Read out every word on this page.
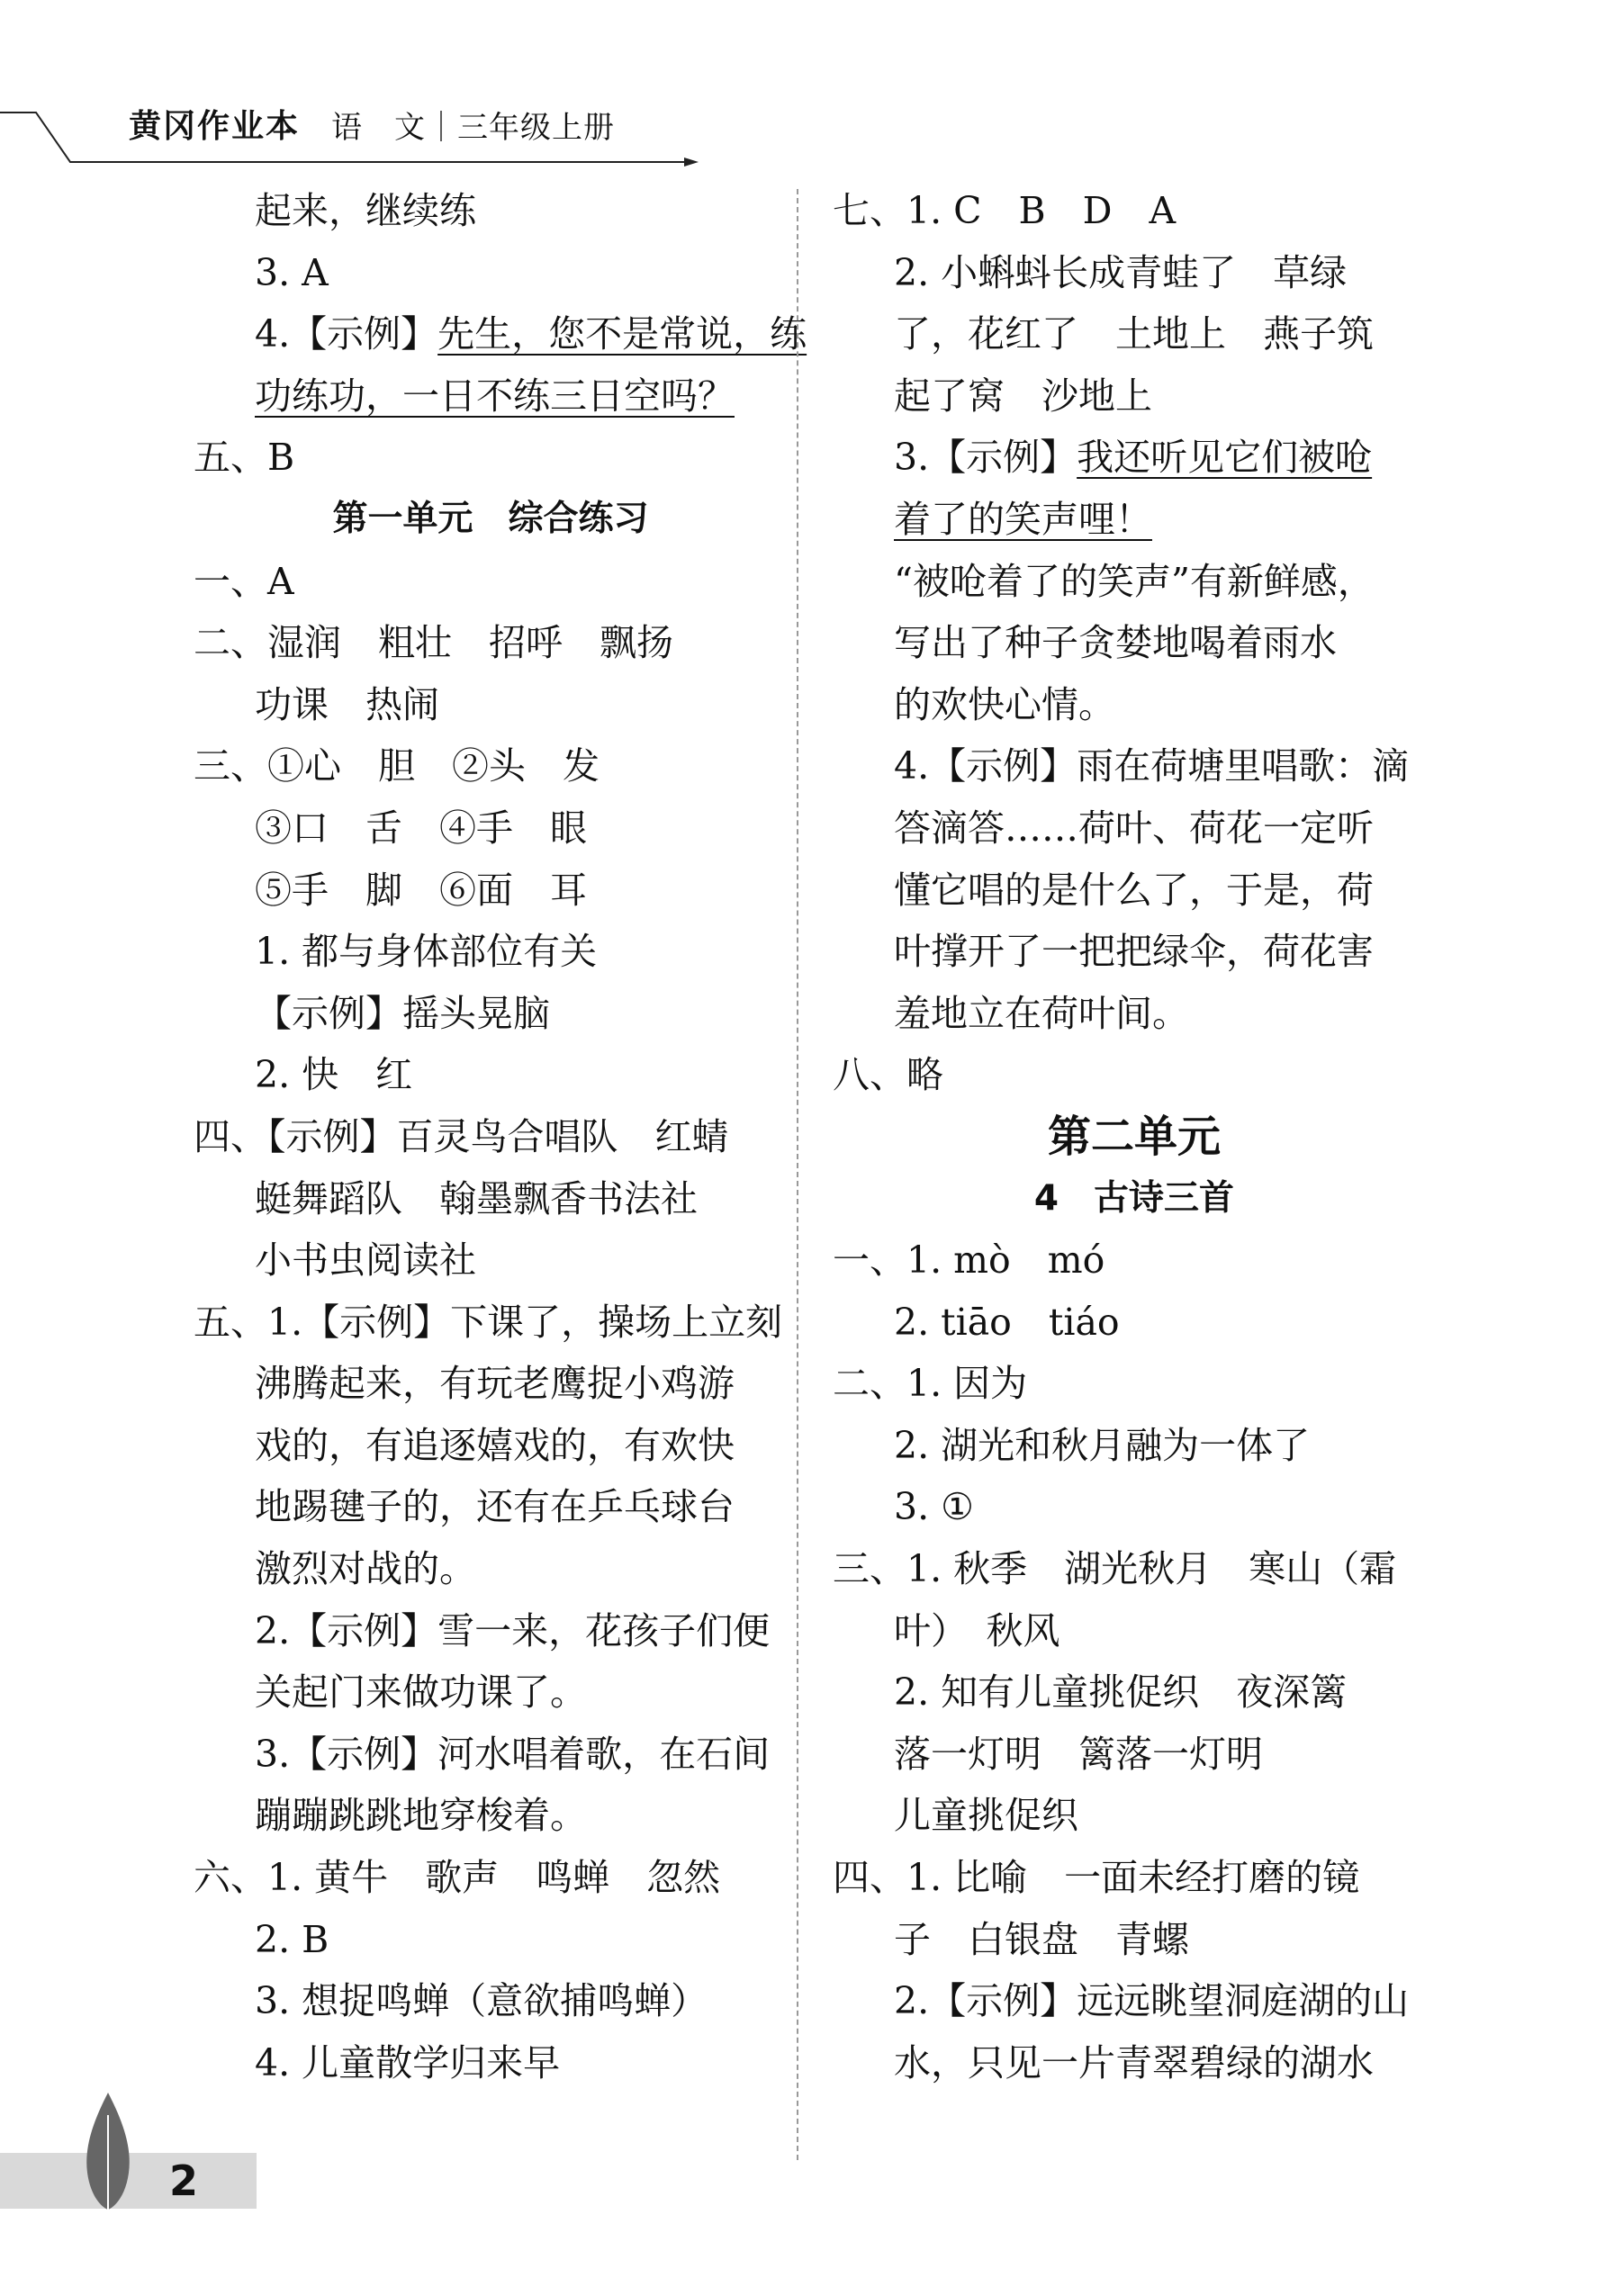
黄冈作业本 语　文｜三年级上册
起来，继续练
3. A
4.【示例】先生，您不是常说，练
功练功，一日不练三日空吗？
五、B
第一单元　综合练习
一、A
二、湿润　粗壮　招呼　飘扬
功课　热闹
三、①心　胆　②头　发
③口　舌　④手　眼
⑤手　脚　⑥面　耳
1. 都与身体部位有关
【示例】摇头晃脑
2. 快　红
四、【示例】百灵鸟合唱队　红蜻
蜓舞蹈队　翰墨飘香书法社
小书虫阅读社
五、1.【示例】下课了，操场上立刻
沸腾起来，有玩老鹰捉小鸡游
戏的，有追逐嬉戏的，有欢快
地踢毽子的，还有在乒乓球台
激烈对战的。
2.【示例】雪一来，花孩子们便
关起门来做功课了。
3.【示例】河水唱着歌，在石间
蹦蹦跳跳地穿梭着。
六、1. 黄牛　歌声　鸣蝉　忽然
2. B
3. 想捉鸣蝉（意欲捕鸣蝉）
4. 儿童散学归来早
七、1. C　B　D　A
2. 小蝌蚪长成青蛙了　草绿
了，花红了　土地上　燕子筑
起了窝　沙地上
3.【示例】我还听见它们被呛
着了的笑声哩！
“被呛着了的笑声”有新鲜感，
写出了种子贪婪地喝着雨水
的欢快心情。
4.【示例】雨在荷塘里唱歌：滴
答滴答……荷叶、荷花一定听
懂它唱的是什么了，于是，荷
叶撑开了一把把绿伞，荷花害
羞地立在荷叶间。
八、略
第二单元
4　古诗三首
一、1. mò　mó
2. tiāo　tiáo
二、1. 因为
2. 湖光和秋月融为一体了
3. ①
三、1. 秋季　湖光秋月　寒山（霜
叶）　秋风
2. 知有儿童挑促织　夜深篱
落一灯明　篱落一灯明
儿童挑促织
四、1. 比喻　一面未经打磨的镜
子　白银盘　青螺
2.【示例】远远眺望洞庭湖的山
水，只见一片青翠碧绿的湖水
2
